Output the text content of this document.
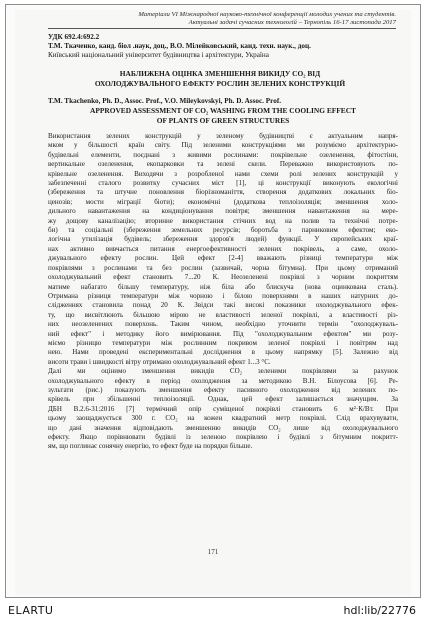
Матеріали VI Міжнародної науково-технічної конференції молодих учених та студентів.
Актуальні задачі сучасних технологій – Тернопіль 16-17 листопада 2017
УДК 692.4:692.2
Т.М. Ткаченко, канд. біол .наук, доц., В.О. Мілейковський, канд. техн. наук., доц.
Київський національний університет будівництва і архітектури, Україна
НАБЛИЖЕНА ОЦІНКА ЗМЕНШЕННЯ ВИКИДУ CO₂ ВІД
ОХОЛОДЖУВАЛЬНОГО ЕФЕКТУ РОСЛИН ЗЕЛЕНИХ КОНСТРУКЦІЙ
T.M. Tkachenko, Ph. D., Assoc. Prof., V.O. Mileykovskyi, Ph. D. Assoc. Prof.
APPROVED ASSESSMENT OF CO₂ WASHING FROM THE COOLING EFFECT
OF PLANTS OF GREEN STRUCTURES

Використання зелених конструкцій у зеленому будівництві є актуальним напря-

мком у більшості країн світу. Під зеленими конструкціями ми розуміємо архітектурно-

будівельні елементи, поєднані з живими рослинами: покрівельне озеленення, фітостіни,

вертикальне озеленення, екопарковки та зелені скели. Переважно використовують по-

крівельне озеленення. Виходячи з розробленої нами схеми ролі зелених конструкцій у

забезпеченні сталого розвитку сучасних міст [1], ці конструкції виконують екологічні

(збереження та штучне поновлення біорізноманіття, створення додаткових локальних біо-

ценозів; мости міграції біоти); економічні (додаткова теплоізоляція; зменшення холо-

дильного навантаження на кондиціонування повітря; зменшення навантаження на мере-

жу дощову каналізацію; вторинне використання стічних вод на полив та технічні потре-

би) та соціальні (збереження земельних ресурсів; боротьба з парниковим ефектом; еко-

логічна утилізація будівель; збереження здоров'я людей) функції. У європейських краї-

нах активно вивчається питання енергоефективності зелених покрівель, а саме, охоло-

джувального ефекту рослин. Цей ефект [2-4] вважають різниці температури між

покрівлями з рослинами та без рослин (зазвичай, чорна бітумна). При цьому отриманий

охолоджувальний ефект становить 7...20 К. Неозеленені покрівлі з чорним покриттям

матиме набагато більшу температуру, ніж біла або блискуча (нова оцинкована сталь).

Отримана різниця температури між чорною і білою поверхнями в наших натурних до-

слідженнях становила понад 20 К. Звідси такі високі показники охолоджувального ефек-

ту, що висвітлюють більшою мірою не властивості зеленої покрівлі, а властивості різ-

них неозеленених поверхонь. Таким чином, необхідно уточнити термін "охолоджуваль-

ний ефект" і методику його вимірювання. Під "охолоджувальним ефектом" ми розу-

міємо різницю температури між рослинним покривом зеленої покрівлі і повітрям над

нею. Нами проведені експериментальні дослідження в цьому напрямку [5]. Залежно від

висоти трави і швидкості вітру отримано охолоджувальний ефект 1...3 °С.

Далі ми оцінимо зменшення викидів CO₂ зеленими покрівлями за рахунок

охолоджувального ефекту в період охолодження за методикою В.Н. Білоусова [6]. Ре-

зультати (рис.) показують зменшення ефекту пасивного охолодження від зелених по-

крівель при збільшенні теплоізоляції. Однак, цей ефект залишається значущим. За

ДБН В.2.6-31:2016 [7] термічний опір суміщеної покрівлі становить 6 м²·К/Вт. При

цьому заощаджується 300 г. CO₂ на кожен квадратний метр покрівлі. Слід врахувувати,

що дані значення відповідають зменшенню викидів CO₂ лише від охолоджувального

ефекту. Якщо порівнювати будівлі із зеленою покрівлею і будівлі з бітумним покритт-

ям, що поглинає сонячну енергію, то ефект буде на порядки більше.

171
ELARTU	hdl:lib/22776
